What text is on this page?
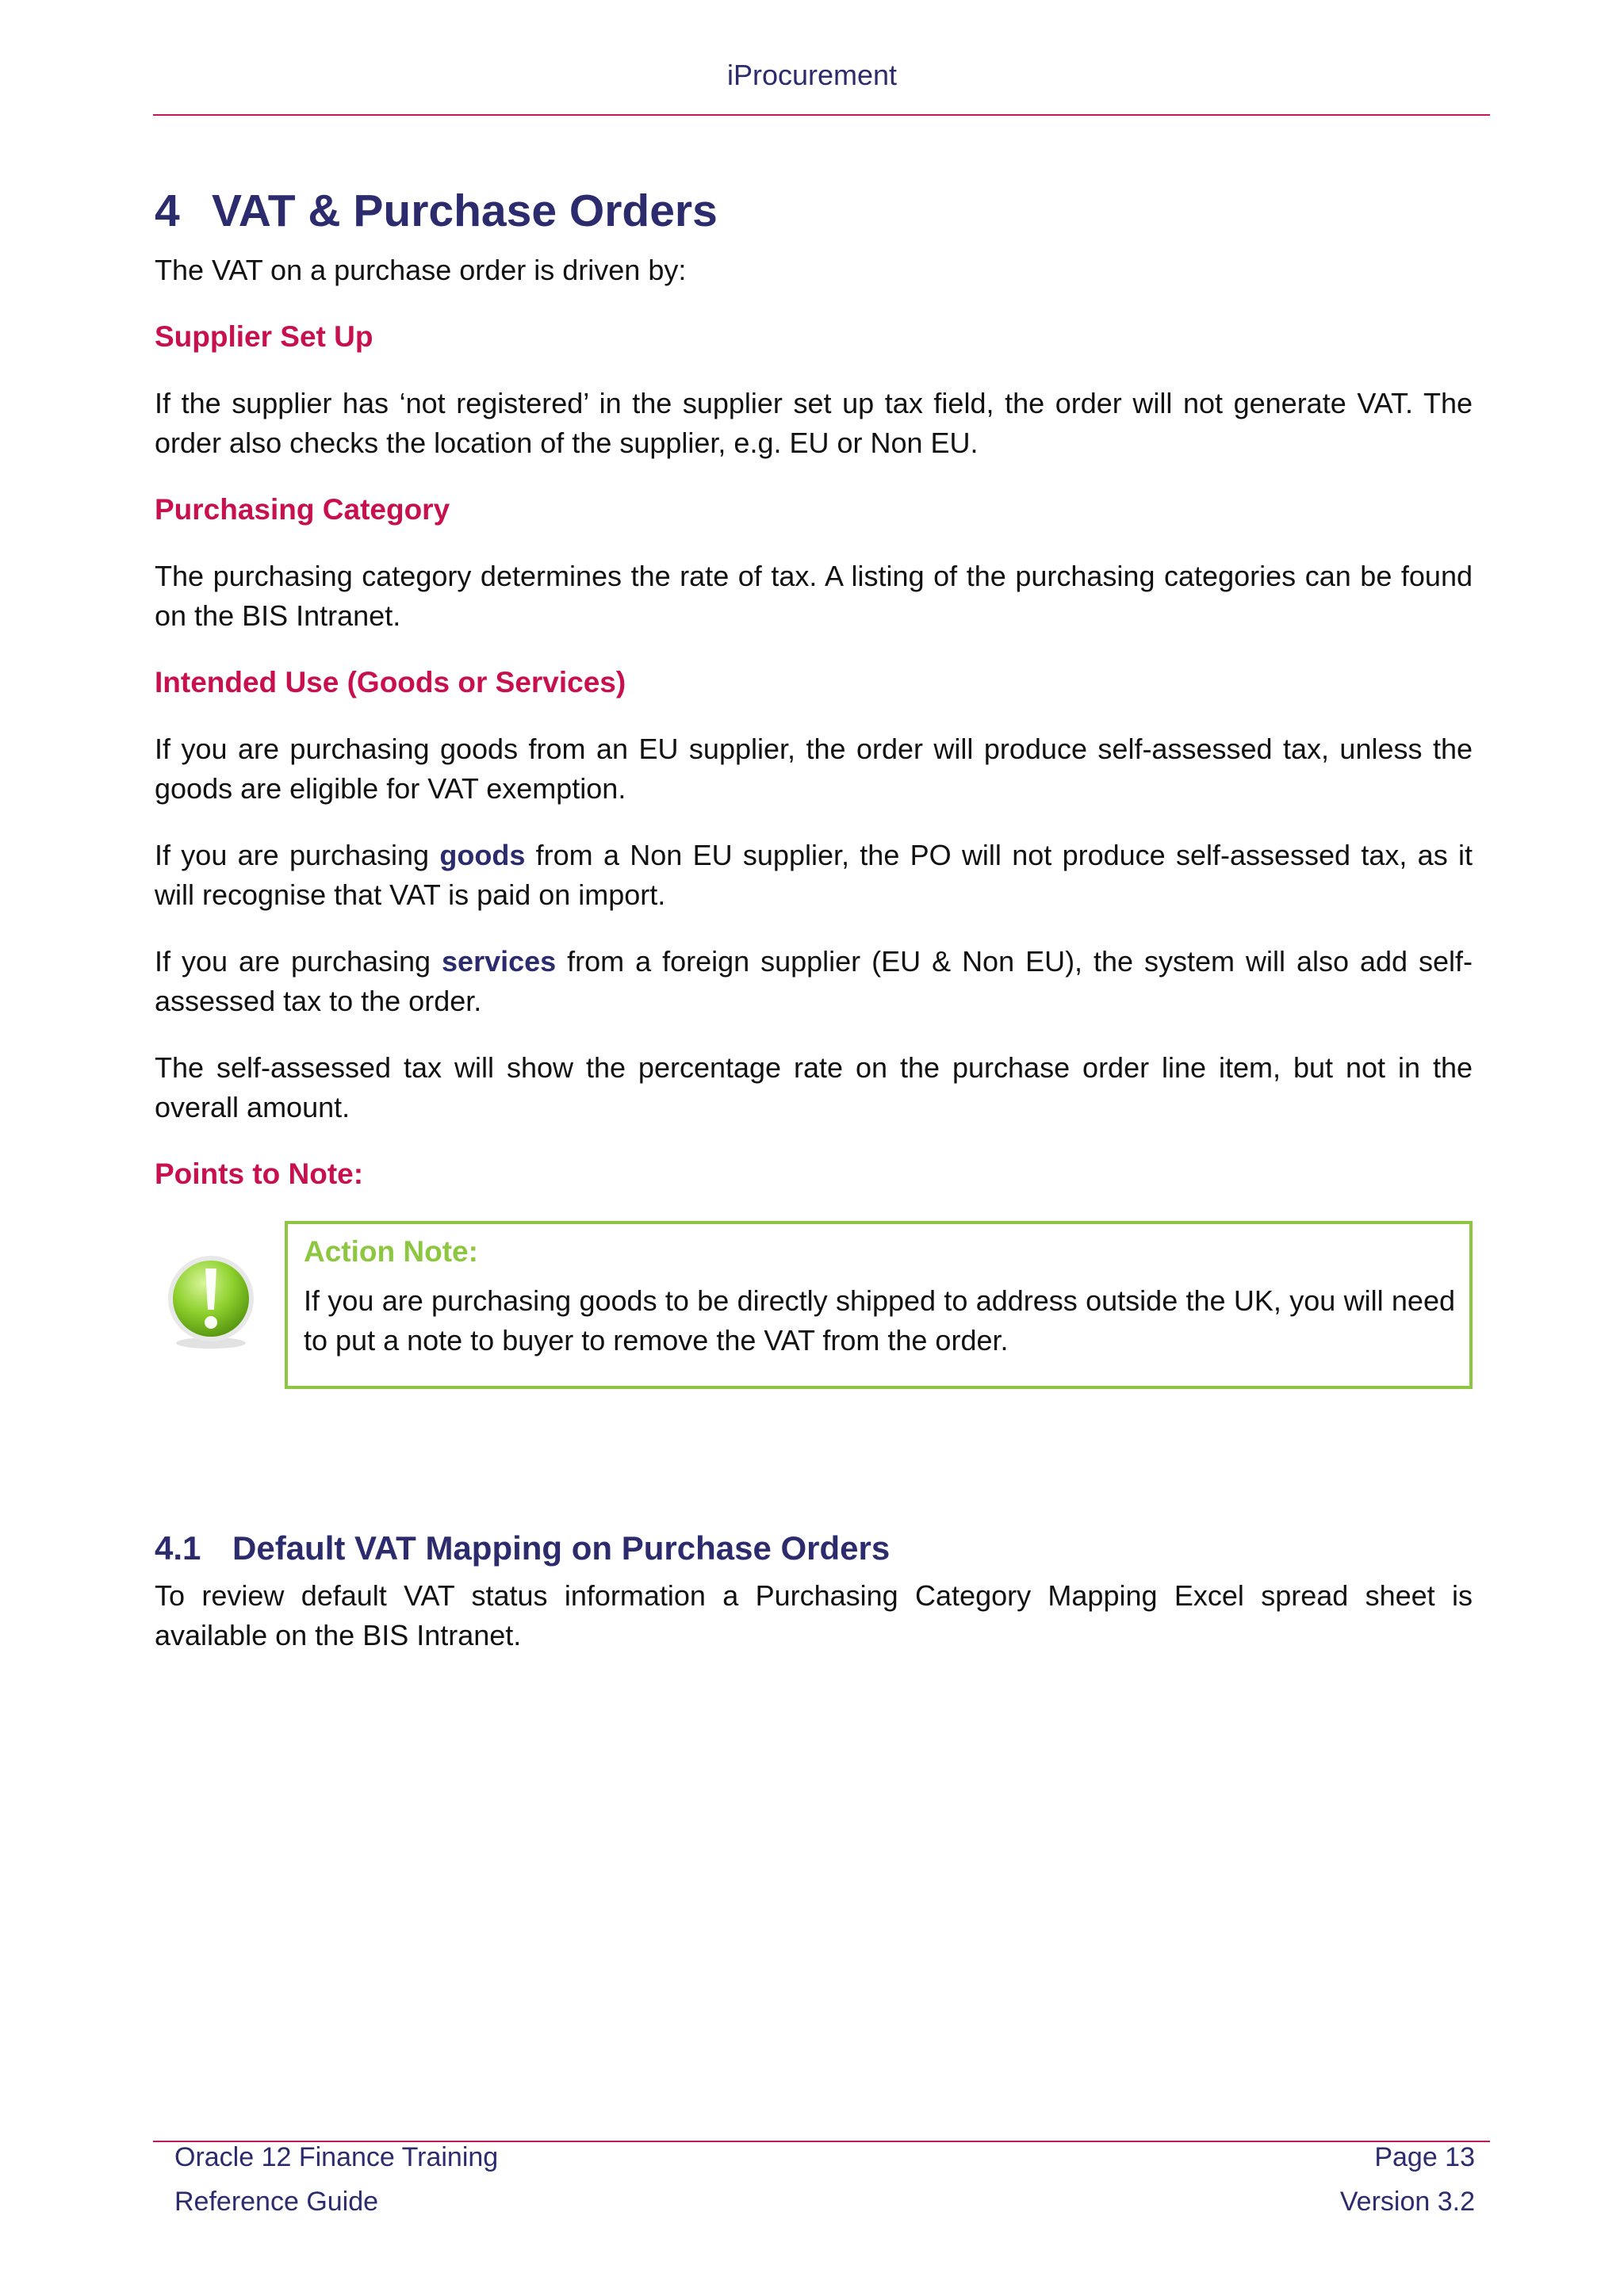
iProcurement
4 VAT & Purchase Orders

The VAT on a purchase order is driven by:

Supplier Set Up

If the supplier has ‘not registered’ in the supplier set up tax field, the order will not generate VAT. The order also checks the location of the supplier, e.g. EU or Non EU.

Purchasing Category

The purchasing category determines the rate of tax. A listing of the purchasing categories can be found on the BIS Intranet.

Intended Use (Goods or Services)

If you are purchasing goods from an EU supplier, the order will produce self-assessed tax, unless the goods are eligible for VAT exemption.

If you are purchasing goods from a Non EU supplier, the PO will not produce self-assessed tax, as it will recognise that VAT is paid on import.

If you are purchasing services from a foreign supplier (EU & Non EU), the system will also add self-assessed tax to the order.

The self-assessed tax will show the percentage rate on the purchase order line item, but not in the overall amount.

Points to Note:
Action Note:

If you are purchasing goods to be directly shipped to address outside the UK, you will need to put a note to buyer to remove the VAT from the order.

4.1 Default VAT Mapping on Purchase Orders

To review default VAT status information a Purchasing Category Mapping Excel spread sheet is available on the BIS Intranet.

Oracle 12 Finance Training	Page 13
Reference Guide	Version 3.2
